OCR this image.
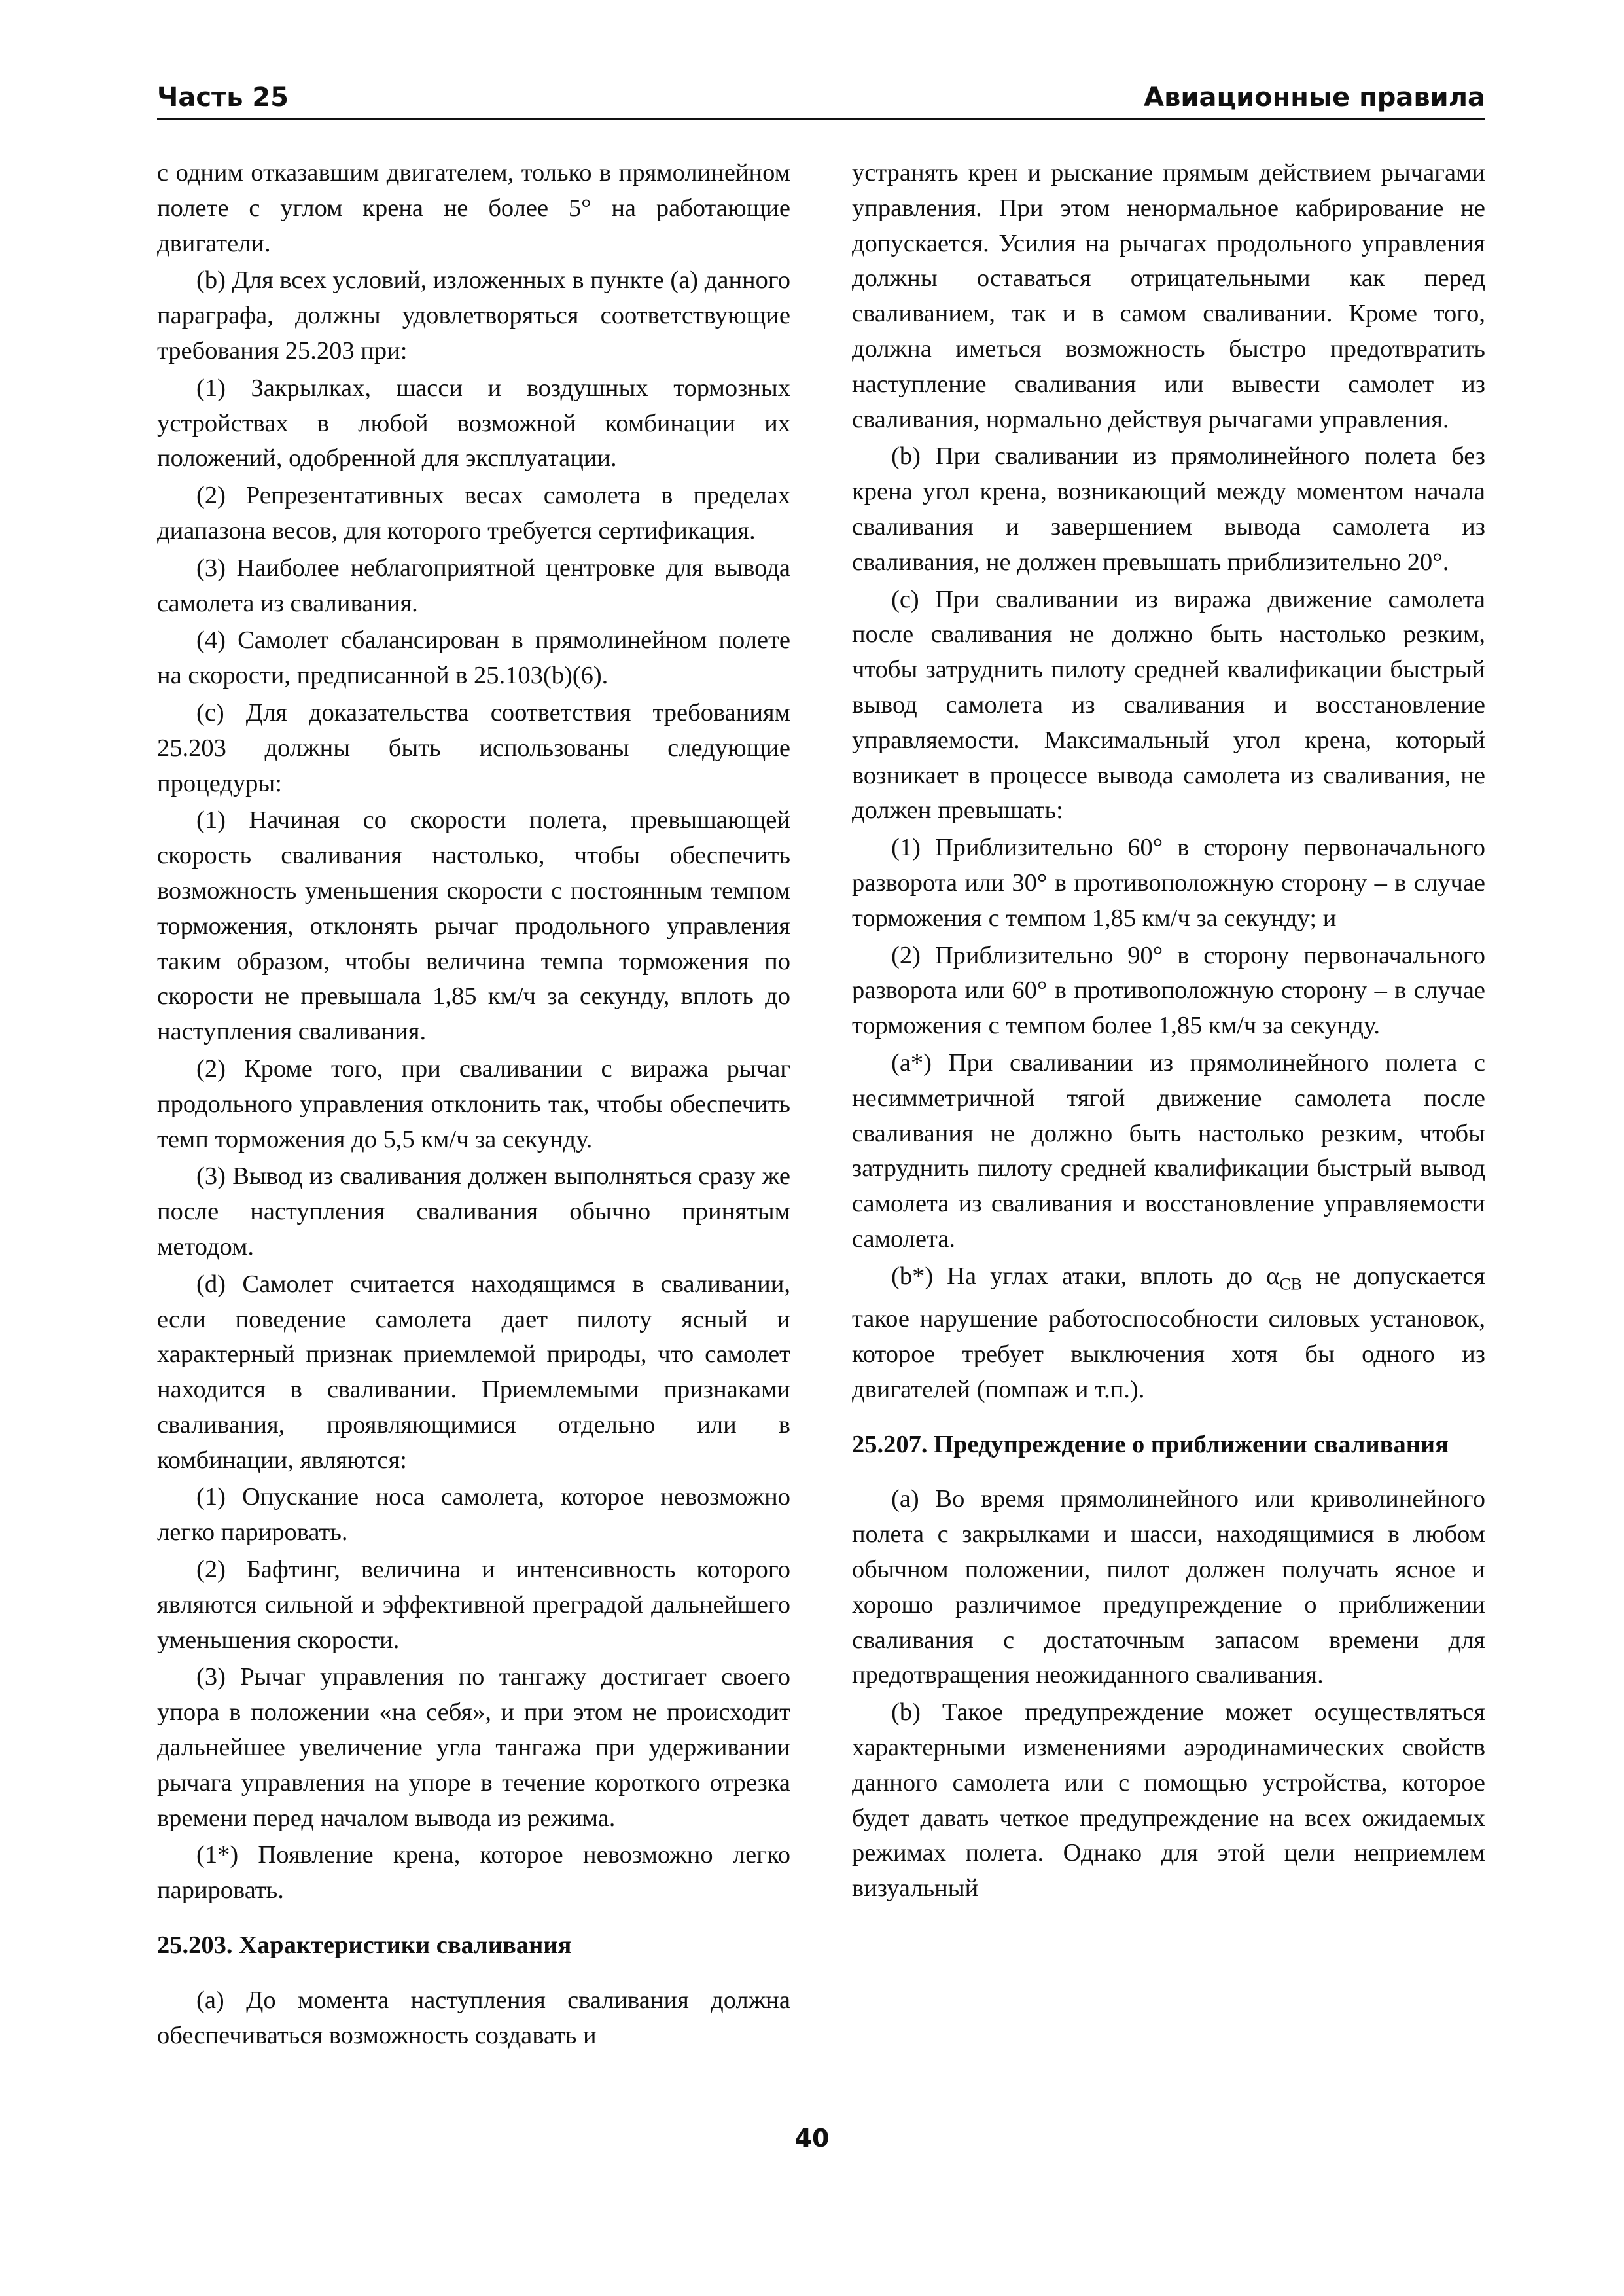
Часть 25	Авиационные правила

с одним отказавшим двигателем, только в прямолинейном полете с углом крена не более 5° на работающие двигатели.

(b) Для всех условий, изложенных в пункте (а) данного параграфа, должны удовлетворяться соответствующие требования 25.203 при:

(1) Закрылках, шасси и воздушных тормозных устройствах в любой возможной комбинации их положений, одобренной для эксплуатации.

(2) Репрезентативных весах самолета в пределах диапазона весов, для которого требуется сертификация.

(3) Наиболее неблагоприятной центровке для вывода самолета из сваливания.

(4) Самолет сбалансирован в прямолинейном полете на скорости, предписанной в 25.103(b)(6).

(с) Для доказательства соответствия требованиям 25.203 должны быть использованы следующие процедуры:

(1) Начиная со скорости полета, превышающей скорость сваливания настолько, чтобы обеспечить возможность уменьшения скорости с постоянным темпом торможения, отклонять рычаг продольного управления таким образом, чтобы величина темпа торможения по скорости не превышала 1,85 км/ч за секунду, вплоть до наступления сваливания.

(2) Кроме того, при сваливании с виража рычаг продольного управления отклонить так, чтобы обеспечить темп торможения до 5,5 км/ч за секунду.

(3) Вывод из сваливания должен выполняться сразу же после наступления сваливания обычно принятым методом.

(d) Самолет считается находящимся в сваливании, если поведение самолета дает пилоту ясный и характерный признак приемлемой природы, что самолет находится в сваливании. Приемлемыми признаками сваливания, проявляющимися отдельно или в комбинации, являются:

(1) Опускание носа самолета, которое невозможно легко парировать.

(2) Бафтинг, величина и интенсивность которого являются сильной и эффективной преградой дальнейшего уменьшения скорости.

(3) Рычаг управления по тангажу достигает своего упора в положении «на себя», и при этом не происходит дальнейшее увеличение угла тангажа при удерживании рычага управления на упоре в течение короткого отрезка времени перед началом вывода из режима.

(1*) Появление крена, которое невозможно легко парировать.

25.203. Характеристики сваливания

(а) До момента наступления сваливания должна обеспечиваться возможность создавать и

устранять крен и рыскание прямым действием рычагами управления. При этом ненормальное кабрирование не допускается. Усилия на рычагах продольного управления должны оставаться отрицательными как перед сваливанием, так и в самом сваливании. Кроме того, должна иметься возможность быстро предотвратить наступление сваливания или вывести самолет из сваливания, нормально действуя рычагами управления.

(b) При сваливании из прямолинейного полета без крена угол крена, возникающий между моментом начала сваливания и завершением вывода самолета из сваливания, не должен превышать приблизительно 20°.

(с) При сваливании из виража движение самолета после сваливания не должно быть настолько резким, чтобы затруднить пилоту средней квалификации быстрый вывод самолета из сваливания и восстановление управляемости. Максимальный угол крена, который возникает в процессе вывода самолета из сваливания, не должен превышать:

(1) Приблизительно 60° в сторону первоначального разворота или 30° в противоположную сторону – в случае торможения с темпом 1,85 км/ч за секунду; и

(2) Приблизительно 90° в сторону первоначального разворота или 60° в противоположную сторону – в случае торможения с темпом более 1,85 км/ч за секунду.

(а*) При сваливании из прямолинейного полета с несимметричной тягой движение самолета после сваливания не должно быть настолько резким, чтобы затруднить пилоту средней квалификации быстрый вывод самолета из сваливания и восстановление управляемости самолета.

(b*) На углах атаки, вплоть до $\alpha_{СВ}$ не допускается такое нарушение работоспособности силовых установок, которое требует выключения хотя бы одного из двигателей (помпаж и т.п.).

25.207. Предупреждение о приближении сваливания

(а) Во время прямолинейного или криволинейного полета с закрылками и шасси, находящимися в любом обычном положении, пилот должен получать ясное и хорошо различимое предупреждение о приближении сваливания с достаточным запасом времени для предотвращения неожиданного сваливания.

(b) Такое предупреждение может осуществляться характерными изменениями аэродинамических свойств данного самолета или с помощью устройства, которое будет давать четкое предупреждение на всех ожидаемых режимах полета. Однако для этой цели неприемлем визуальный

40
